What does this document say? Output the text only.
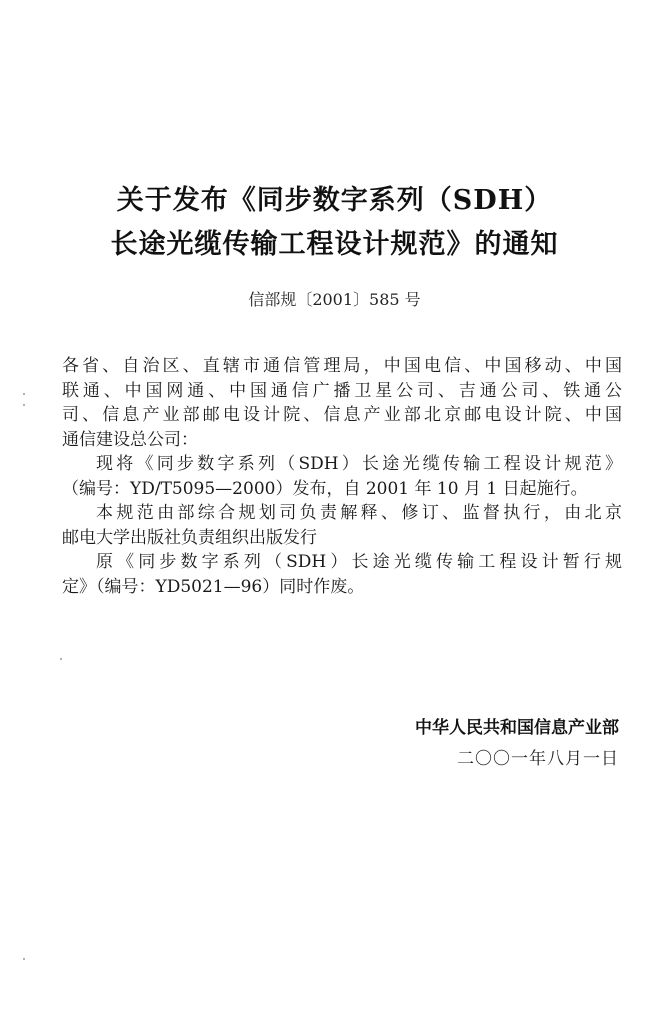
关于发布《同步数字系列（SDH）
长途光缆传输工程设计规范》的通知
信部规〔2001〕585 号
各省、自治区、直辖市通信管理局，中国电信、中国移动、中国
联通、中国网通、中国通信广播卫星公司、吉通公司、铁通公
司、信息产业部邮电设计院、信息产业部北京邮电设计院、中国
通信建设总公司：
现将《同步数字系列（SDH）长途光缆传输工程设计规范》
（编号：YD/T5095—2000）发布，自 2001 年 10 月 1 日起施行。
本规范由部综合规划司负责解释、修订、监督执行，由北京
邮电大学出版社负责组织出版发行
原《同步数字系列（SDH）长途光缆传输工程设计暂行规
定》（编号：YD5021—96）同时作废。
中华人民共和国信息产业部
二〇〇一年八月一日
